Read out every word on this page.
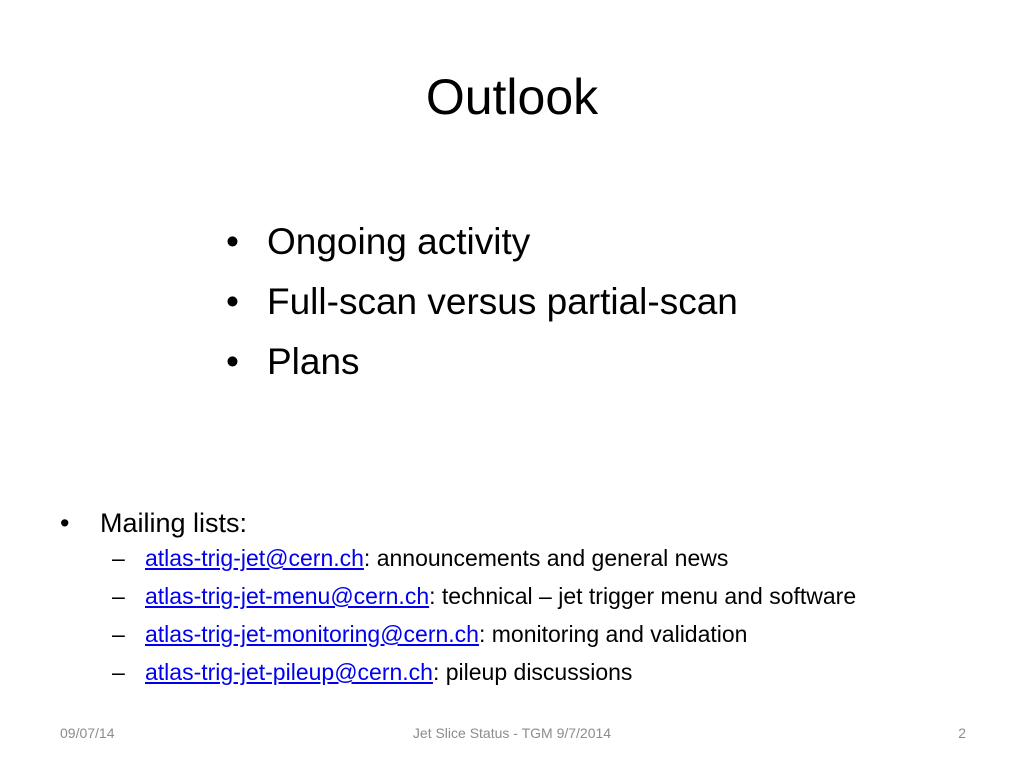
Outlook
• Ongoing activity
• Full-scan versus partial-scan
• Plans
•	Mailing lists:
– atlas-trig-jet@cern.ch: announcements and general news
– atlas-trig-jet-menu@cern.ch: technical – jet trigger menu and software
– atlas-trig-jet-monitoring@cern.ch: monitoring and validation
– atlas-trig-jet-pileup@cern.ch: pileup discussions
09/07/14	Jet Slice Status - TGM 9/7/2014	2
